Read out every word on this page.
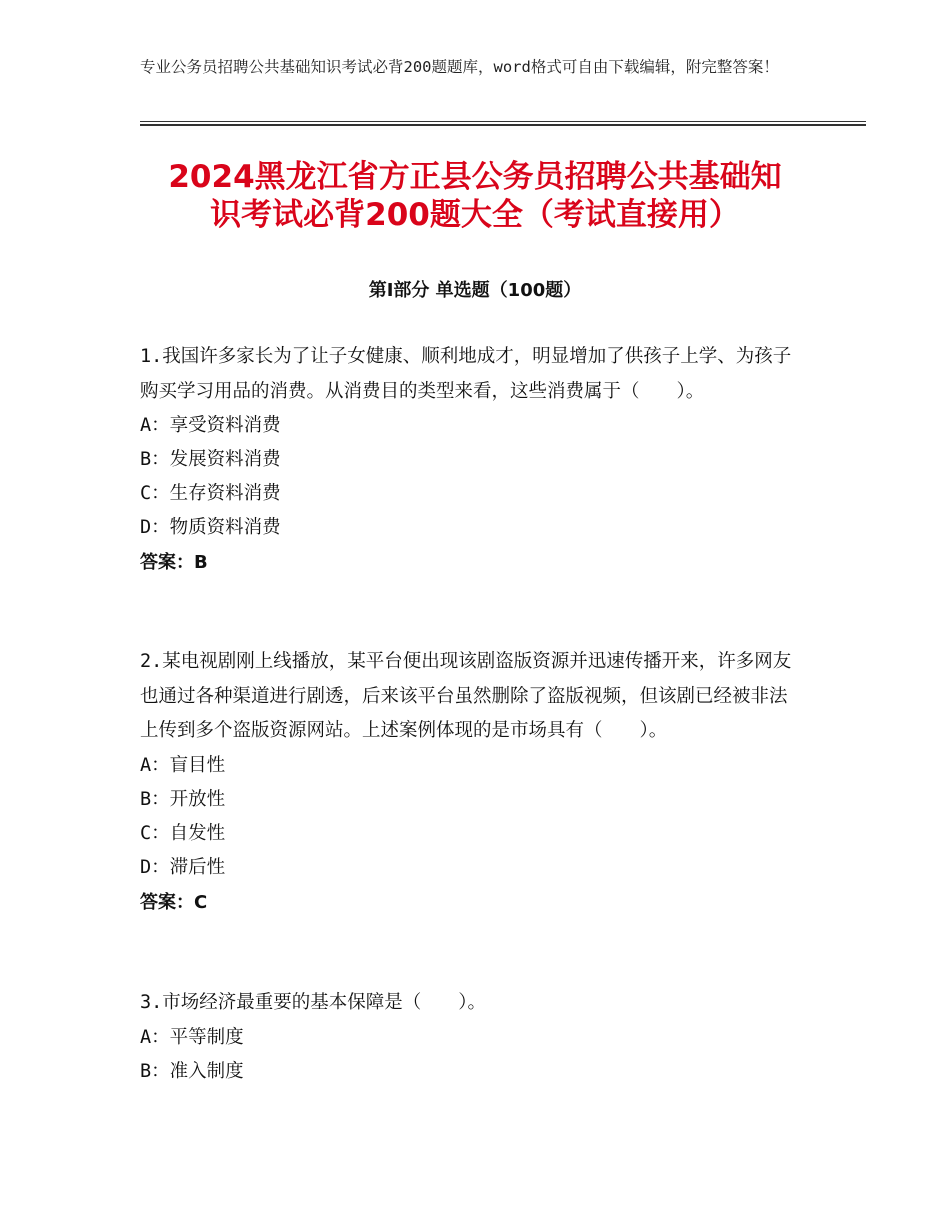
专业公务员招聘公共基础知识考试必背200题题库，word格式可自由下载编辑，附完整答案！
2024黑龙江省方正县公务员招聘公共基础知
识考试必背200题大全（考试直接用）
第Ⅰ部分 单选题（100题）

1.我国许多家长为了让子女健康、顺利地成才，明显增加了供孩子上学、为孩子购买学习用品的消费。从消费目的类型来看，这些消费属于（　　）。

A：享受资料消费

B：发展资料消费

C：生存资料消费

D：物质资料消费

答案：B

2.某电视剧刚上线播放，某平台便出现该剧盗版资源并迅速传播开来，许多网友也通过各种渠道进行剧透，后来该平台虽然删除了盗版视频，但该剧已经被非法上传到多个盗版资源网站。上述案例体现的是市场具有（　　）。

A：盲目性

B：开放性

C：自发性

D：滞后性

答案：C

3.市场经济最重要的基本保障是（　　）。

A：平等制度

B：准入制度
